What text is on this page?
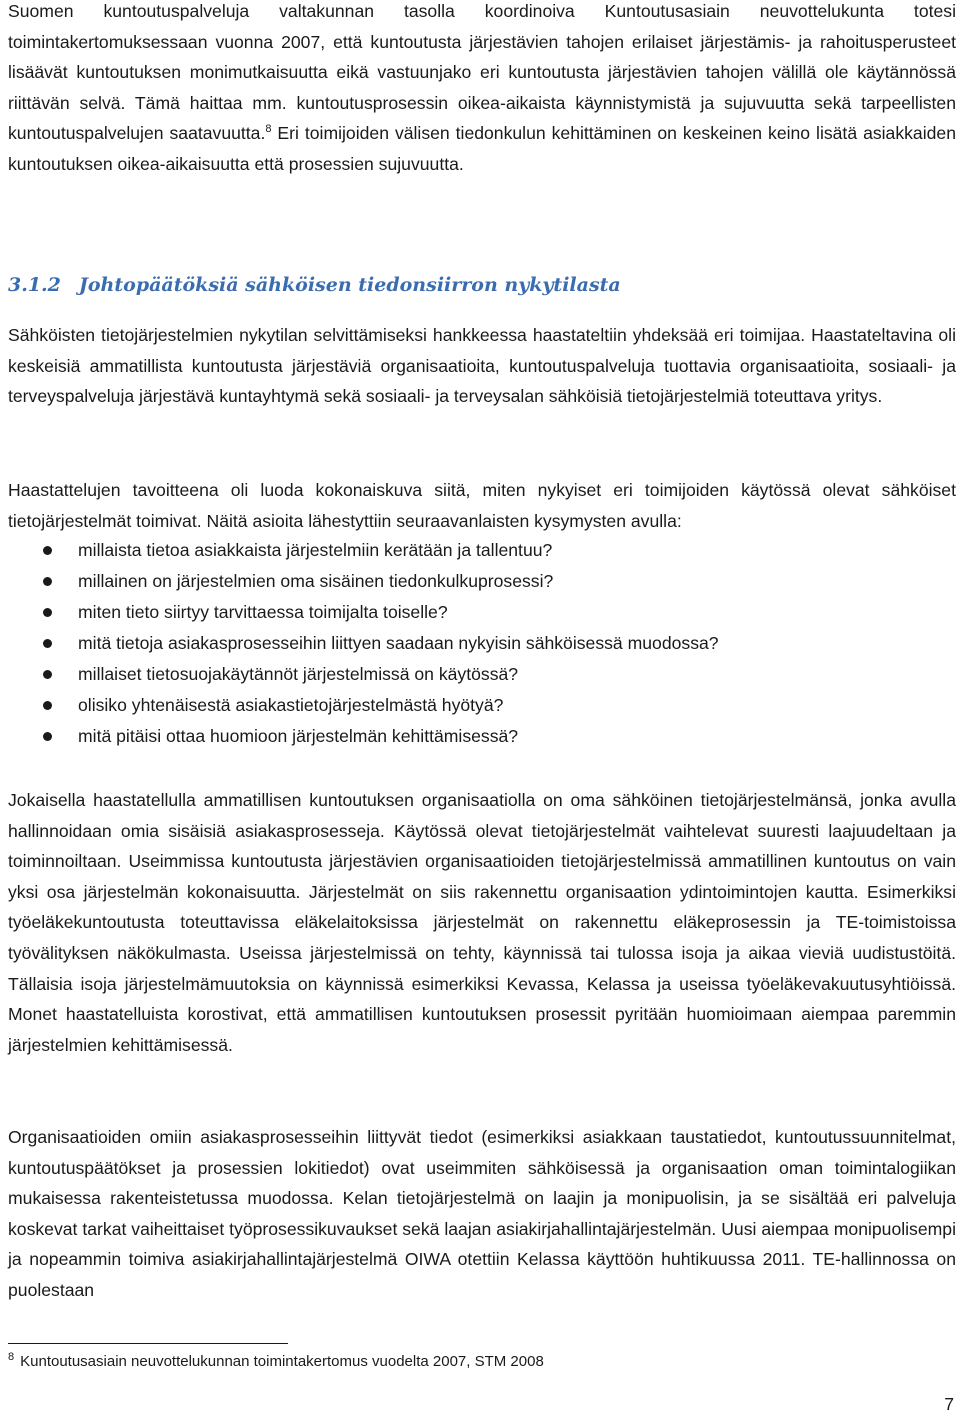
Suomen kuntoutuspalveluja valtakunnan tasolla koordinoiva Kuntoutusasiain neuvottelukunta totesi toimintakertomuksessaan vuonna 2007, että kuntoutusta järjestävien tahojen erilaiset järjestämis- ja rahoitusperusteet lisäävät kuntoutuksen monimutkaisuutta eikä vastuunjako eri kuntoutusta järjestävien tahojen välillä ole käytännössä riittävän selvä. Tämä haittaa mm. kuntoutusprosessin oikea-aikaista käynnistymistä ja sujuvuutta sekä tarpeellisten kuntoutuspalvelujen saatavuutta.$^8$ Eri toimijoiden välisen tiedonkulun kehittäminen on keskeinen keino lisätä asiakkaiden kuntoutuksen oikea-aikaisuutta että prosessien sujuvuutta.

3.1.2 Johtopäätöksiä sähköisen tiedonsiirron nykytilasta

Sähköisten tietojärjestelmien nykytilan selvittämiseksi hankkeessa haastateltiin yhdeksää eri toimijaa. Haastateltavina oli keskeisiä ammatillista kuntoutusta järjestäviä organisaatioita, kuntoutuspalveluja tuottavia organisaatioita, sosiaali- ja terveyspalveluja järjestävä kuntayhtymä sekä sosiaali- ja terveysalan sähköisiä tietojärjestelmiä toteuttava yritys.

Haastattelujen tavoitteena oli luoda kokonaiskuva siitä, miten nykyiset eri toimijoiden käytössä olevat sähköiset tietojärjestelmät toimivat. Näitä asioita lähestyttiin seuraavanlaisten kysymysten avulla:

millaista tietoa asiakkaista järjestelmiin kerätään ja tallentuu?
millainen on järjestelmien oma sisäinen tiedonkulkuprosessi?
miten tieto siirtyy tarvittaessa toimijalta toiselle?
mitä tietoja asiakasprosesseihin liittyen saadaan nykyisin sähköisessä muodossa?
millaiset tietosuojakäytännöt järjestelmissä on käytössä?
olisiko yhtenäisestä asiakastietojärjestelmästä hyötyä?
mitä pitäisi ottaa huomioon järjestelmän kehittämisessä?

Jokaisella haastatellulla ammatillisen kuntoutuksen organisaatiolla on oma sähköinen tietojärjestelmänsä, jonka avulla hallinnoidaan omia sisäisiä asiakasprosesseja. Käytössä olevat tietojärjestelmät vaihtelevat suuresti laajuudeltaan ja toiminnoiltaan. Useimmissa kuntoutusta järjestävien organisaatioiden tietojärjestelmissä ammatillinen kuntoutus on vain yksi osa järjestelmän kokonaisuutta. Järjestelmät on siis rakennettu organisaation ydintoimintojen kautta. Esimerkiksi työeläkekuntoutusta toteuttavissa eläkelaitoksissa järjestelmät on rakennettu eläkeprosessin ja TE-toimistoissa työvälityksen näkökulmasta. Useissa järjestelmissä on tehty, käynnissä tai tulossa isoja ja aikaa vieviä uudistustöitä. Tällaisia isoja järjestelmämuutoksia on käynnissä esimerkiksi Kevassa, Kelassa ja useissa työeläkevakuutusyhtiöissä. Monet haastatelluista korostivat, että ammatillisen kuntoutuksen prosessit pyritään huomioimaan aiempaa paremmin järjestelmien kehittämisessä.

Organisaatioiden omiin asiakasprosesseihin liittyvät tiedot (esimerkiksi asiakkaan taustatiedot, kuntoutussuunnitelmat, kuntoutuspäätökset ja prosessien lokitiedot) ovat useimmiten sähköisessä ja organisaation oman toimintalogiikan mukaisessa rakenteistetussa muodossa. Kelan tietojärjestelmä on laajin ja monipuolisin, ja se sisältää eri palveluja koskevat tarkat vaiheittaiset työprosessikuvaukset sekä laajan asiakirjahallintajärjestelmän. Uusi aiempaa monipuolisempi ja nopeammin toimiva asiakirjahallintajärjestelmä OIWA otettiin Kelassa käyttöön huhtikuussa 2011. TE-hallinnossa on puolestaan

$^8$ Kuntoutusasiain neuvottelukunnan toimintakertomus vuodelta 2007, STM 2008
7
